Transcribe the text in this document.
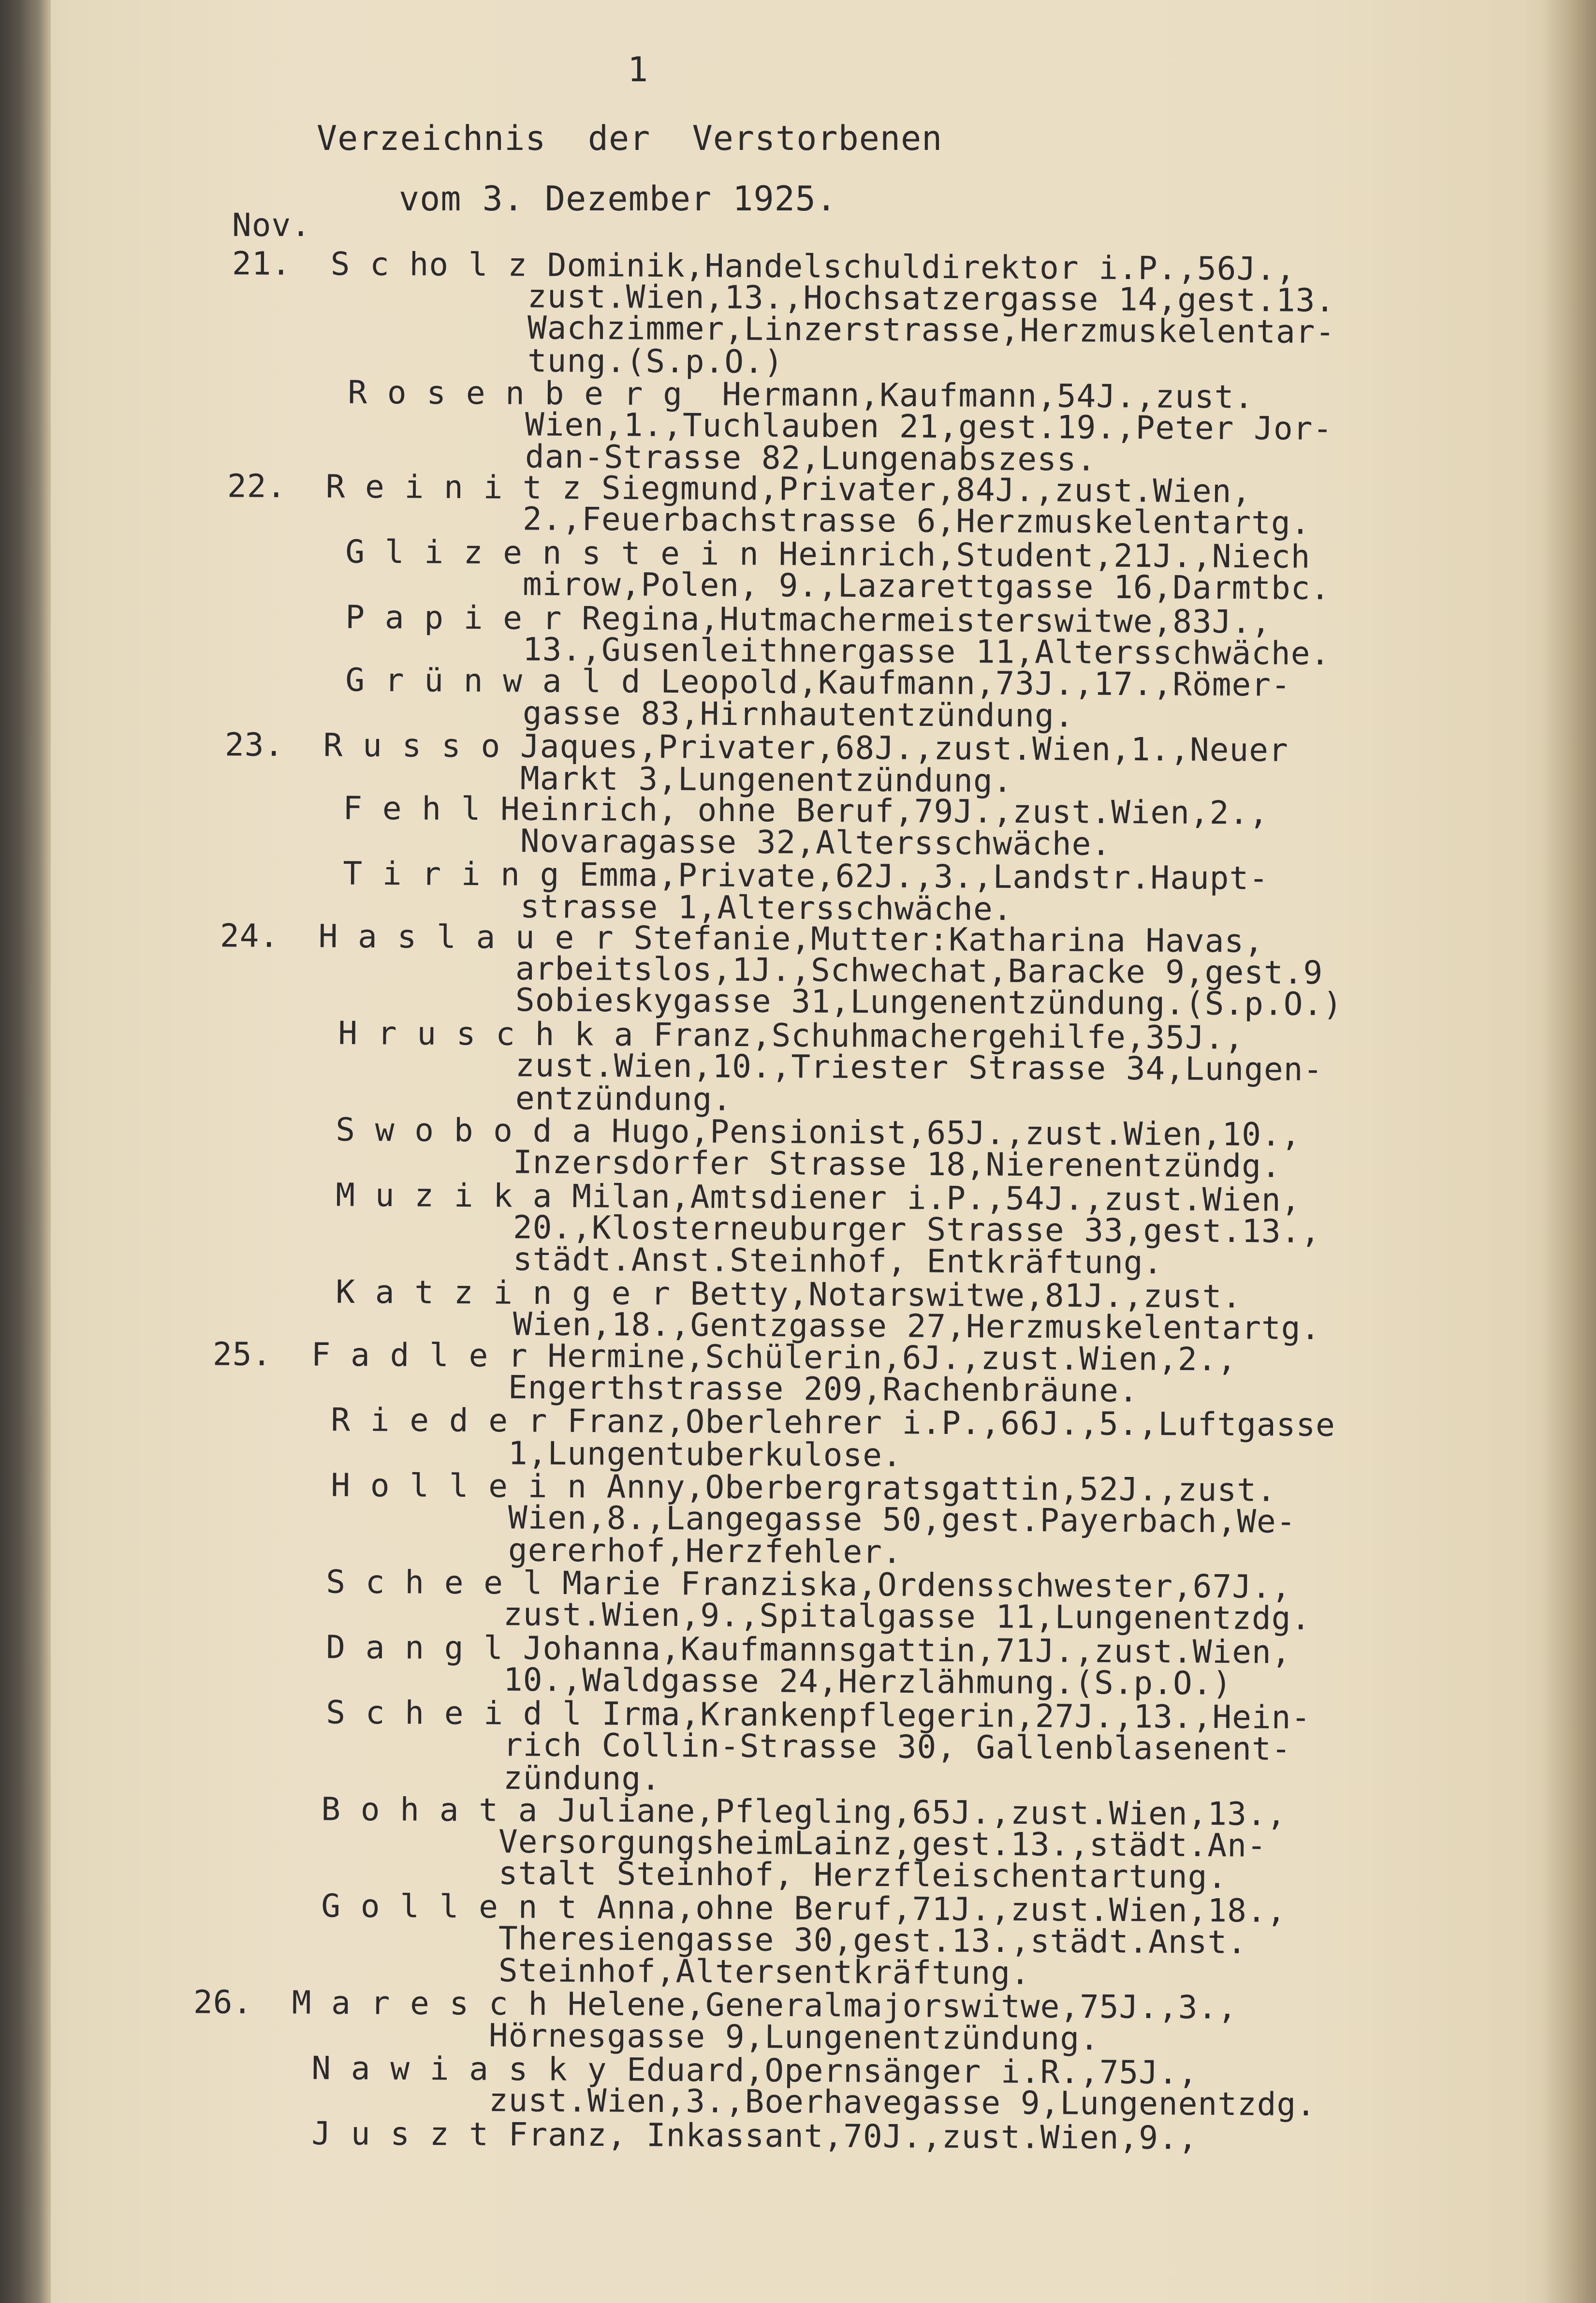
1
Verzeichnis  der  Verstorbenen
vom 3. Dezember 1925.
Nov.
21.  S c ho l z Dominik,Handelschuldirektor i.P.,56J.,
zust.Wien,13.,Hochsatzergasse 14,gest.13.
Wachzimmer,Linzerstrasse,Herzmuskelentar-
tung.(S.p.O.)
R o s e n b e r g  Hermann,Kaufmann,54J.,zust.
Wien,1.,Tuchlauben 21,gest.19.,Peter Jor-
dan-Strasse 82,Lungenabszess.
22.  R e i n i t z Siegmund,Privater,84J.,zust.Wien,
2.,Feuerbachstrasse 6,Herzmuskelentartg.
G l i z e n s t e i n Heinrich,Student,21J.,Niech
mirow,Polen, 9.,Lazarettgasse 16,Darmtbc.
P a p i e r Regina,Hutmachermeisterswitwe,83J.,
13.,Gusenleithnergasse 11,Altersschwäche.
G r ü n w a l d Leopold,Kaufmann,73J.,17.,Römer-
gasse 83,Hirnhautentzündung.
23.  R u s s o Jaques,Privater,68J.,zust.Wien,1.,Neuer
Markt 3,Lungenentzündung.
F e h l Heinrich, ohne Beruf,79J.,zust.Wien,2.,
Novaragasse 32,Altersschwäche.
T i r i n g Emma,Private,62J.,3.,Landstr.Haupt-
strasse 1,Altersschwäche.
24.  H a s l a u e r Stefanie,Mutter:Katharina Havas,
arbeitslos,1J.,Schwechat,Baracke 9,gest.9
Sobieskygasse 31,Lungenentzündung.(S.p.O.)
H r u s c h k a Franz,Schuhmachergehilfe,35J.,
zust.Wien,10.,Triester Strasse 34,Lungen-
entzündung.
S w o b o d a Hugo,Pensionist,65J.,zust.Wien,10.,
Inzersdorfer Strasse 18,Nierenentzündg.
M u z i k a Milan,Amtsdiener i.P.,54J.,zust.Wien,
20.,Klosterneuburger Strasse 33,gest.13.,
städt.Anst.Steinhof, Entkräftung.
K a t z i n g e r Betty,Notarswitwe,81J.,zust.
Wien,18.,Gentzgasse 27,Herzmuskelentartg.
25.  F a d l e r Hermine,Schülerin,6J.,zust.Wien,2.,
Engerthstrasse 209,Rachenbräune.
R i e d e r Franz,Oberlehrer i.P.,66J.,5.,Luftgasse
1,Lungentuberkulose.
H o l l e i n Anny,Oberbergratsgattin,52J.,zust.
Wien,8.,Langegasse 50,gest.Payerbach,We-
gererhof,Herzfehler.
S c h e e l Marie Franziska,Ordensschwester,67J.,
zust.Wien,9.,Spitalgasse 11,Lungenentzdg.
D a n g l Johanna,Kaufmannsgattin,71J.,zust.Wien,
10.,Waldgasse 24,Herzlähmung.(S.p.O.)
S c h e i d l Irma,Krankenpflegerin,27J.,13.,Hein-
rich Collin-Strasse 30, Gallenblasenent-
zündung.
B o h a t a Juliane,Pflegling,65J.,zust.Wien,13.,
VersorgungsheimLainz,gest.13.,städt.An-
stalt Steinhof, Herzfleischentartung.
G o l l e n t Anna,ohne Beruf,71J.,zust.Wien,18.,
Theresiengasse 30,gest.13.,städt.Anst.
Steinhof,Altersentkräftung.
26.  M a r e s c h Helene,Generalmajorswitwe,75J.,3.,
Hörnesgasse 9,Lungenentzündung.
N a w i a s k y Eduard,Opernsänger i.R.,75J.,
zust.Wien,3.,Boerhavegasse 9,Lungenentzdg.
J u s z t Franz, Inkassant,70J.,zust.Wien,9.,
